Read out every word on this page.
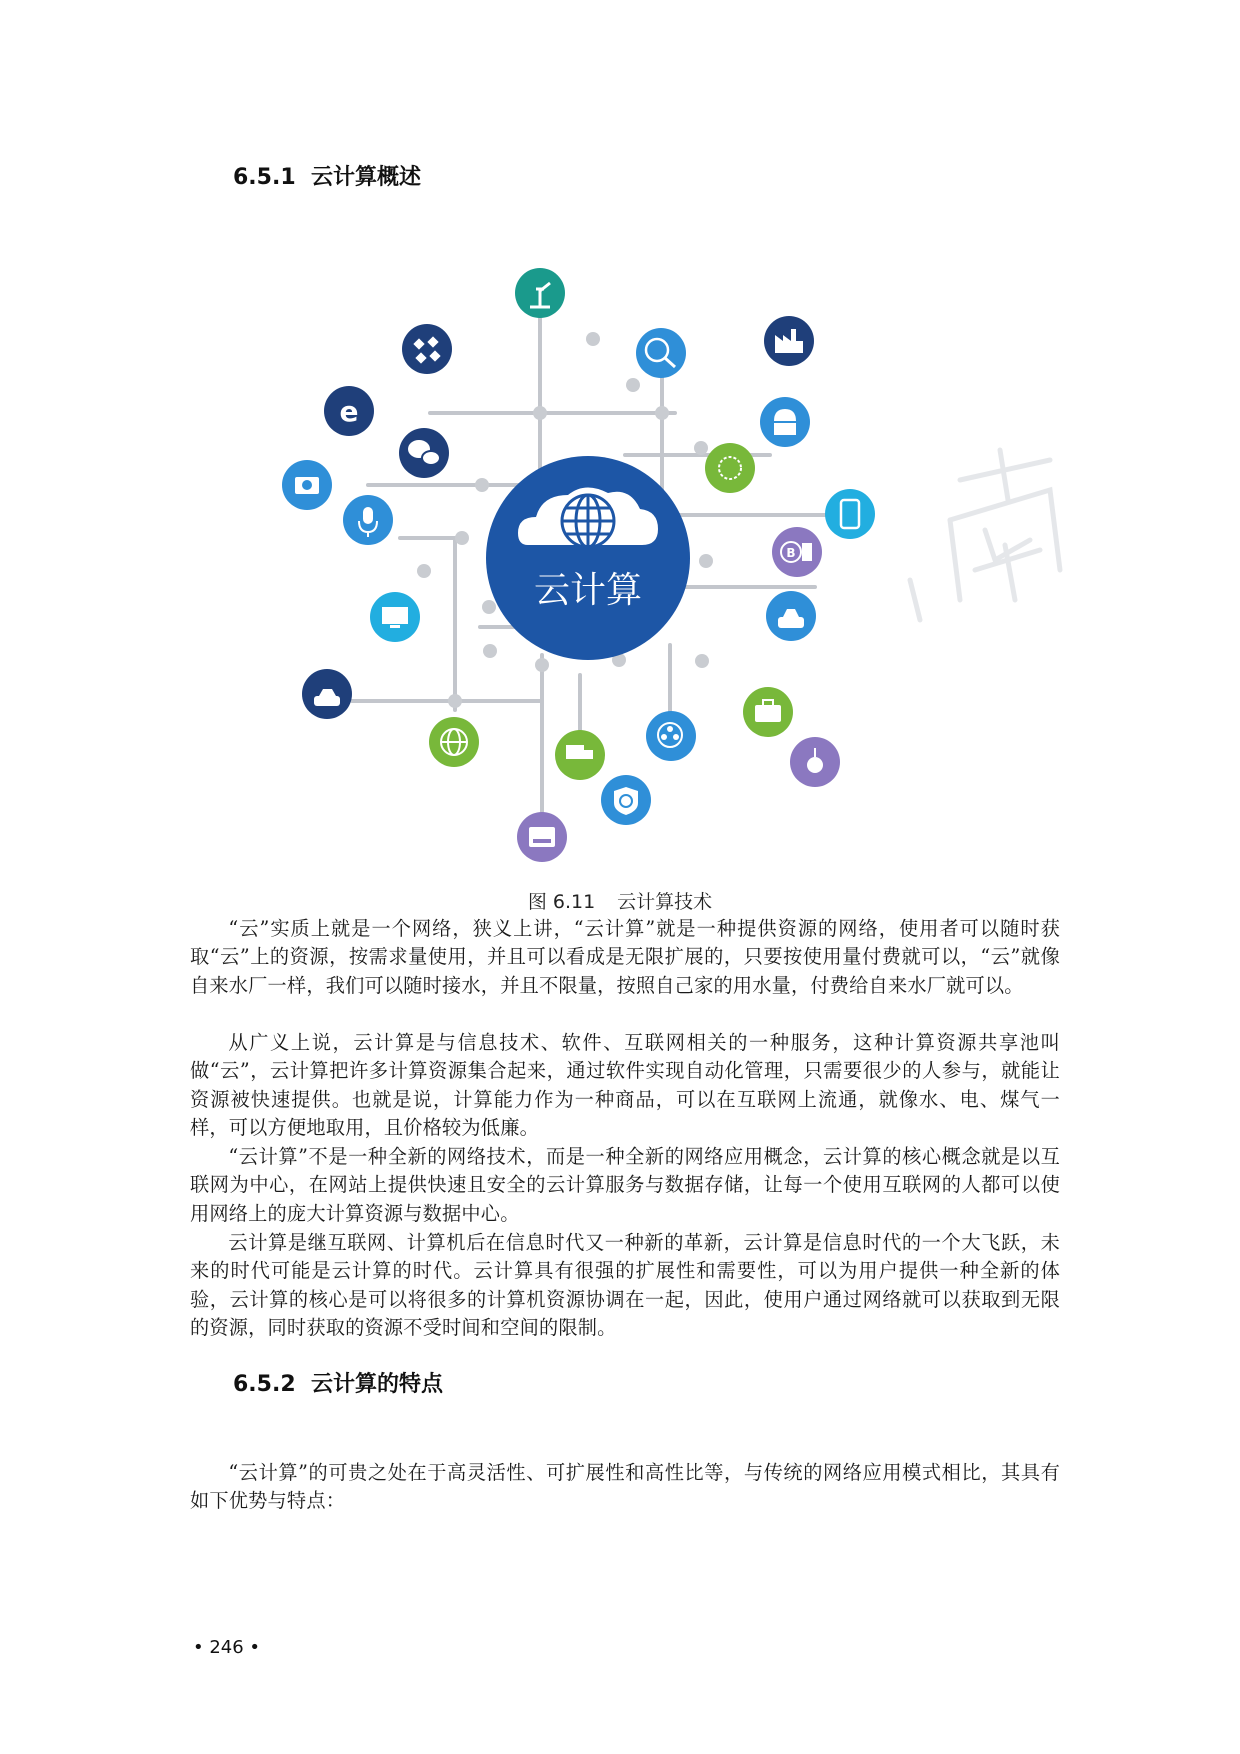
6.5.1 云计算概述
云计算
e
B
图 6.11 云计算技术

“云”实质上就是一个网络，狭义上讲，“云计算”就是一种提供资源的网络，使用者可以随时获取“云”上的资源，按需求量使用，并且可以看成是无限扩展的，只要按使用量付费就可以，“云”就像自来水厂一样，我们可以随时接水，并且不限量，按照自己家的用水量，付费给自来水厂就可以。

从广义上说，云计算是与信息技术、软件、互联网相关的一种服务，这种计算资源共享池叫做“云”，云计算把许多计算资源集合起来，通过软件实现自动化管理，只需要很少的人参与，就能让资源被快速提供。也就是说，计算能力作为一种商品，可以在互联网上流通，就像水、电、煤气一样，可以方便地取用，且价格较为低廉。

“云计算”不是一种全新的网络技术，而是一种全新的网络应用概念，云计算的核心概念就是以互联网为中心，在网站上提供快速且安全的云计算服务与数据存储，让每一个使用互联网的人都可以使用网络上的庞大计算资源与数据中心。

云计算是继互联网、计算机后在信息时代又一种新的革新，云计算是信息时代的一个大飞跃，未来的时代可能是云计算的时代。云计算具有很强的扩展性和需要性，可以为用户提供一种全新的体验，云计算的核心是可以将很多的计算机资源协调在一起，因此，使用户通过网络就可以获取到无限的资源，同时获取的资源不受时间和空间的限制。

6.5.2 云计算的特点

“云计算”的可贵之处在于高灵活性、可扩展性和高性比等，与传统的网络应用模式相比，其具有如下优势与特点：

• 246 •
